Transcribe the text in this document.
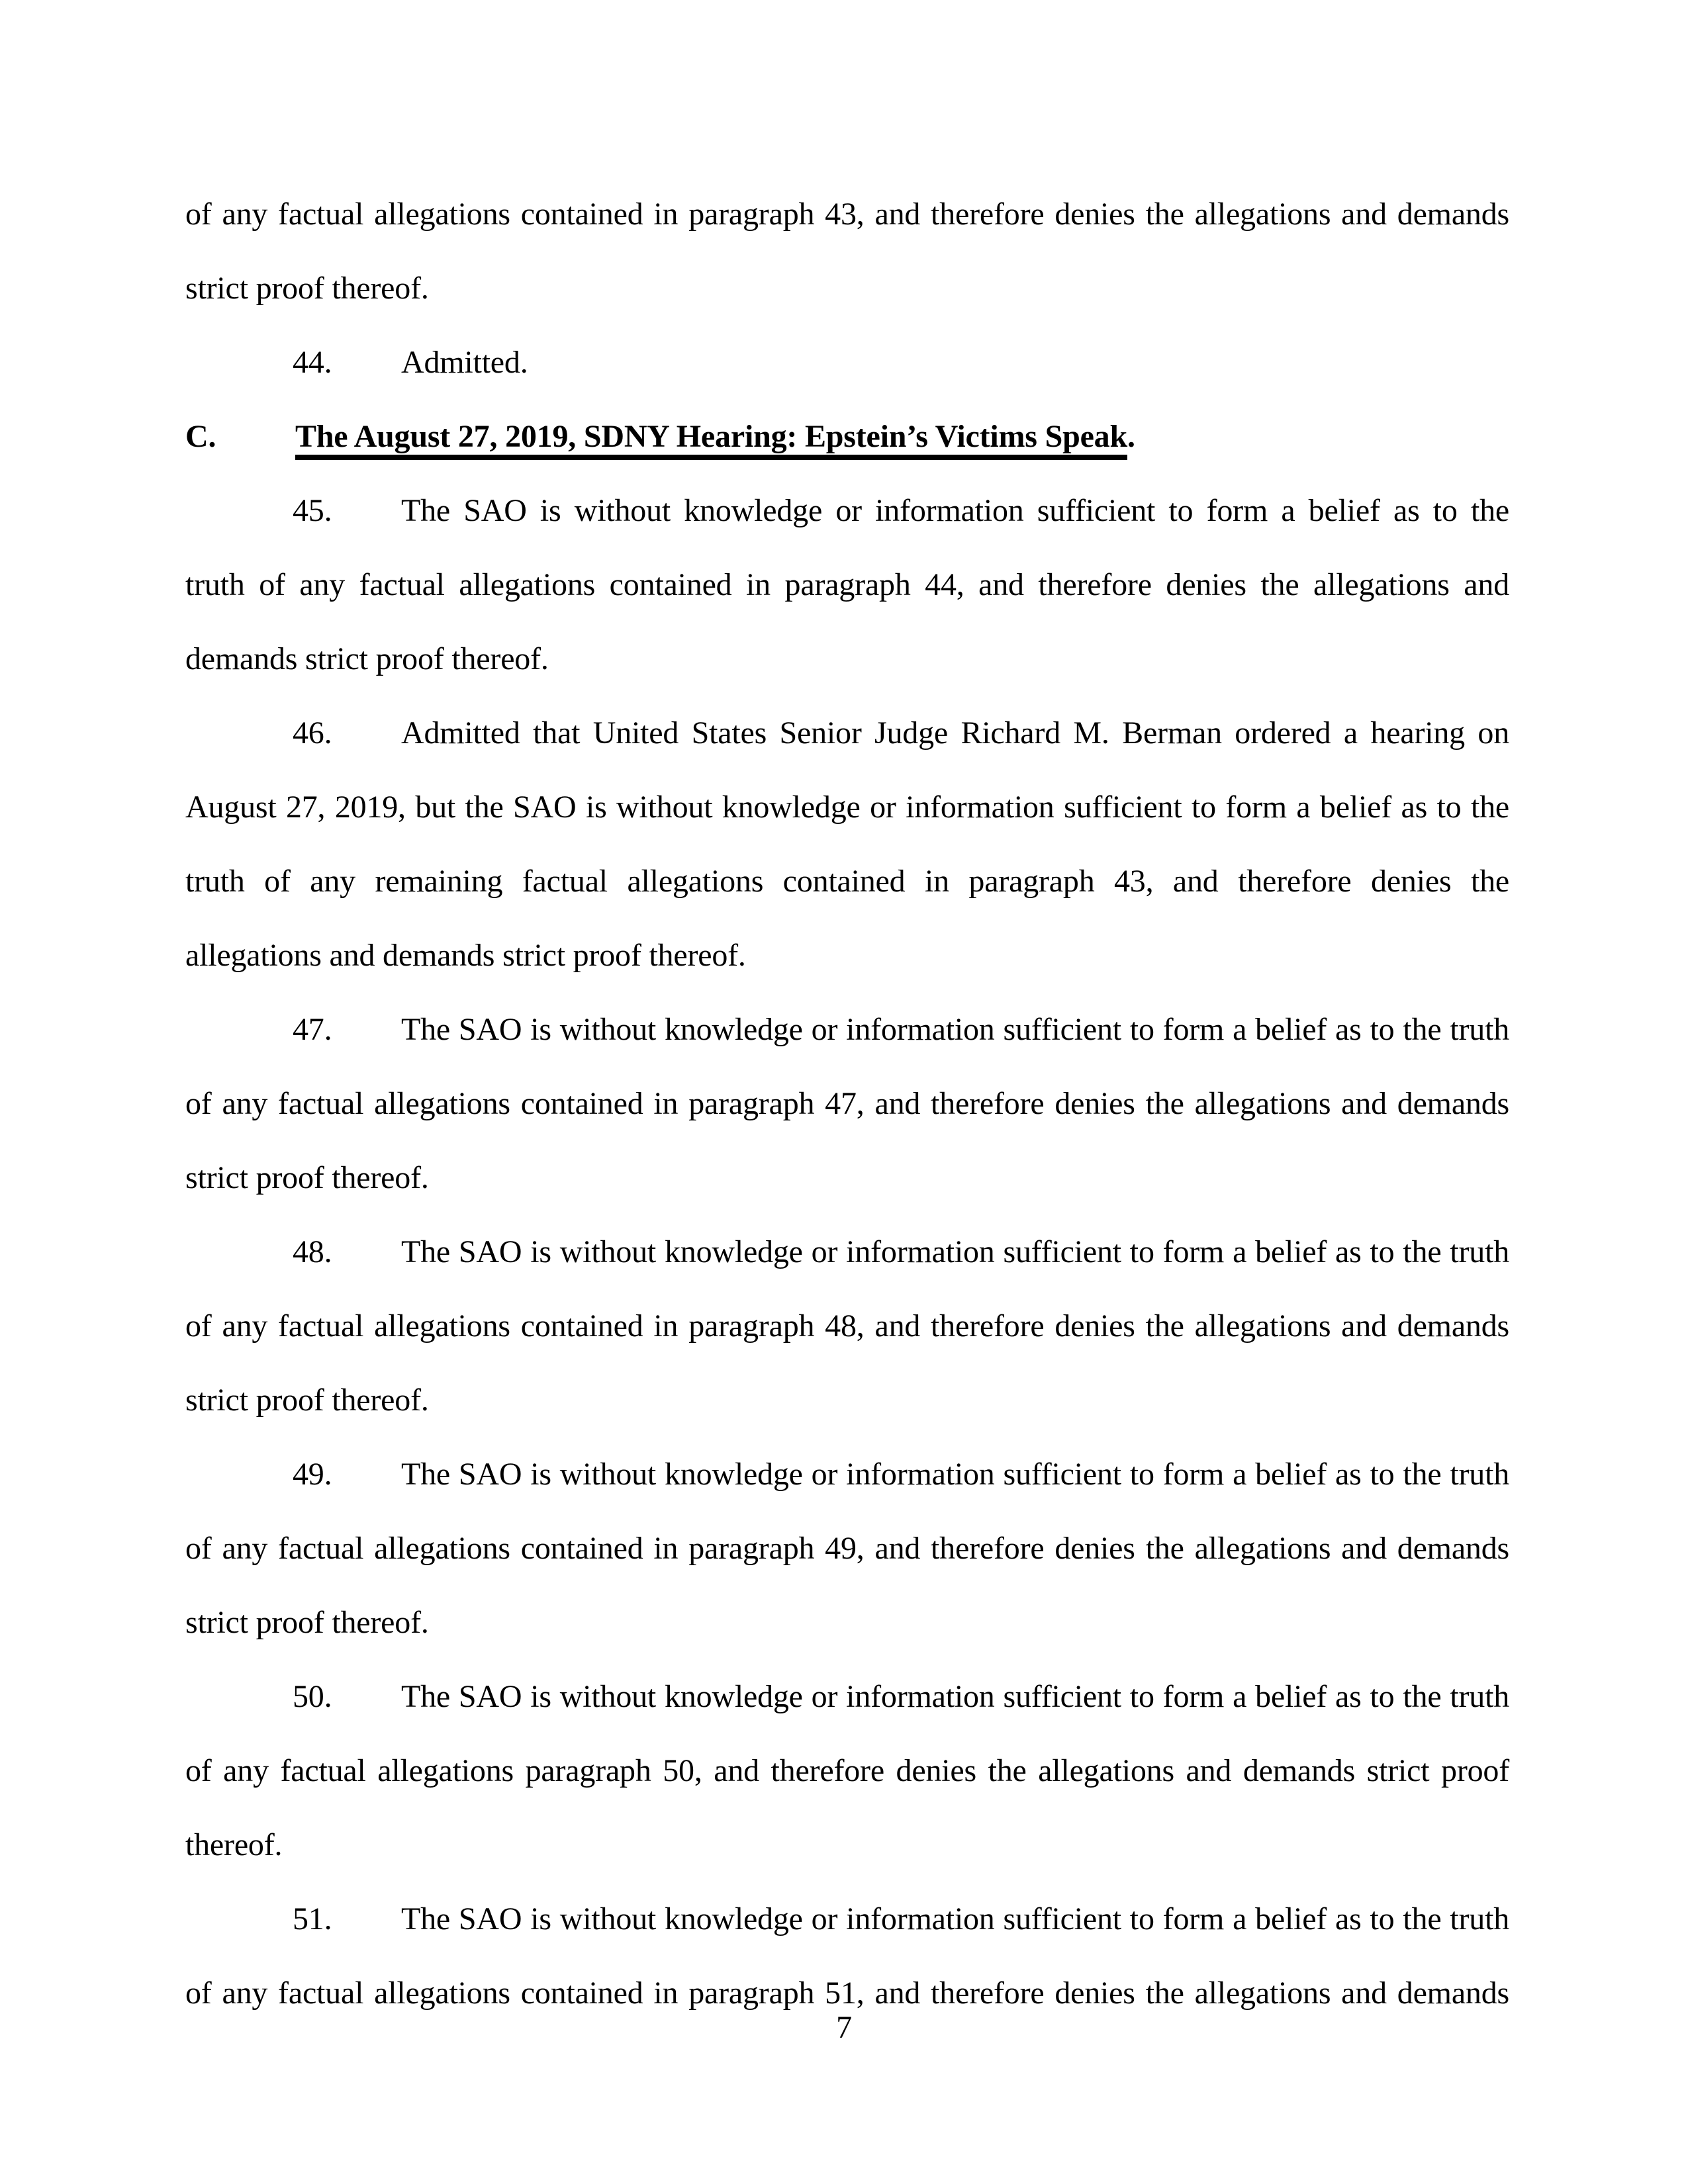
of any factual allegations contained in paragraph 43, and therefore denies the allegations and demands
strict proof thereof.
44. Admitted.
C. The August 27, 2019, SDNY Hearing: Epstein’s Victims Speak.
45. The SAO is without knowledge or information sufficient to form a belief as to the
truth of any factual allegations contained in paragraph 44, and therefore denies the allegations and
demands strict proof thereof.
46. Admitted that United States Senior Judge Richard M. Berman ordered a hearing on
August 27, 2019, but the SAO is without knowledge or information sufficient to form a belief as to the
truth of any remaining factual allegations contained in paragraph 43, and therefore denies the
allegations and demands strict proof thereof.
47. The SAO is without knowledge or information sufficient to form a belief as to the truth
of any factual allegations contained in paragraph 47, and therefore denies the allegations and demands
strict proof thereof.
48. The SAO is without knowledge or information sufficient to form a belief as to the truth
of any factual allegations contained in paragraph 48, and therefore denies the allegations and demands
strict proof thereof.
49. The SAO is without knowledge or information sufficient to form a belief as to the truth
of any factual allegations contained in paragraph 49, and therefore denies the allegations and demands
strict proof thereof.
50. The SAO is without knowledge or information sufficient to form a belief as to the truth
of any factual allegations paragraph 50, and therefore denies the allegations and demands strict proof
thereof.
51. The SAO is without knowledge or information sufficient to form a belief as to the truth
of any factual allegations contained in paragraph 51, and therefore denies the allegations and demands
7
